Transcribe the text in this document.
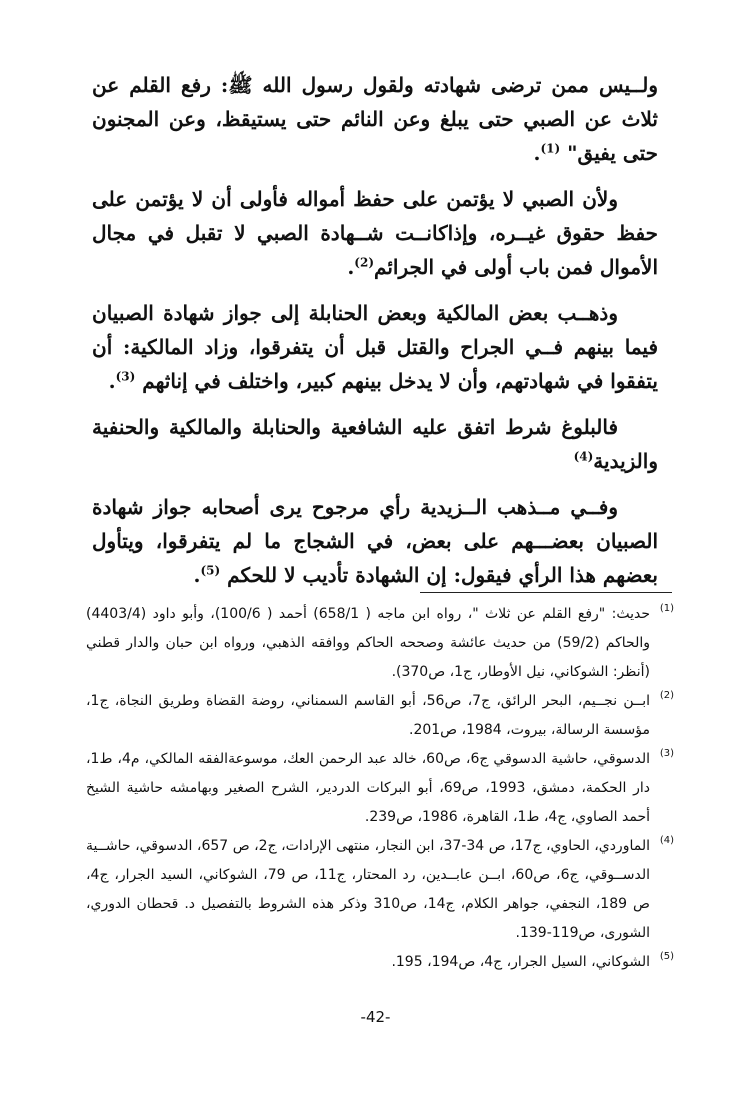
ولــيس ممن ترضى شهادته ولقول رسول الله ﷺ: رفع القلم عن ثلاث عن الصبي حتى يبلغ وعن النائم حتى يستيقظ، وعن المجنون حتى يفيق" $^{(1)}$.

ولأن الصبي لا يؤتمن على حفظ أمواله فأولى أن لا يؤتمن على حفظ حقوق غيــره، وإذاكانــت شــهادة الصبي لا تقبل في مجال الأموال فمن باب أولى في الجرائم$^{(2)}$.

وذهــب بعض المالكية وبعض الحنابلة إلى جواز شهادة الصبيان فيما بينهم فــي الجراح والقتل قبل أن يتفرقوا، وزاد المالكية: أن يتفقوا في شهادتهم، وأن لا يدخل بينهم كبير، واختلف في إناثهم $^{(3)}$.

فالبلوغ شرط اتفق عليه الشافعية والحنابلة والمالكية والحنفية والزيدية$^{(4)}$

وفــي مــذهب الــزيدية رأي مرجوح يرى أصحابه جواز شهادة الصبيان بعضـــهم على بعض، في الشجاج ما لم يتفرقوا، ويتأول بعضهم هذا الرأي فيقول: إن الشهادة تأديب لا للحكم $^{(5)}$.

(1)
حديث: "رفع القلم عن ثلاث "، رواه ابن ماجه ( 658/1) أحمد ( 100/6)، وأبو داود (4403/4) والحاكم (59/2) من حديث عائشة وصححه الحاكم ووافقه الذهبي، ورواه ابن حبان والدار قطني (أنظر: الشوكاني، نيل الأوطار، ج1، ص370).

(2)
ابــن نجــيم، البحر الرائق، ج7، ص56، أبو القاسم السمناني، روضة القضاة وطريق النجاة، ج1، مؤسسة الرسالة، بيروت، 1984، ص201.

(3)
الدسوقي، حاشية الدسوقي ج6، ص60، خالد عبد الرحمن العك، موسوعةالفقه المالكي، م4، ط1، دار الحكمة، دمشق، 1993، ص69، أبو البركات الدردير، الشرح الصغير وبهامشه حاشية الشيخ أحمد الصاوي، ج4، ط1، القاهرة، 1986، ص239.

(4)
الماوردي، الحاوي، ج17، ص 34-37، ابن النجار، منتهى الإرادات، ج2، ص 657، الدسوقي، حاشــية الدســوقي، ج6، ص60، ابــن عابــدين، رد المحتار، ج11، ص 79، الشوكاني، السيد الجرار، ج4، ص 189، النجفي، جواهر الكلام، ج14، ص310 وذكر هذه الشروط بالتفصيل د. قحطان الدوري، الشورى، ص119-139.

(5)
الشوكاني، السيل الجرار، ج4، ص194، 195.

-42-
